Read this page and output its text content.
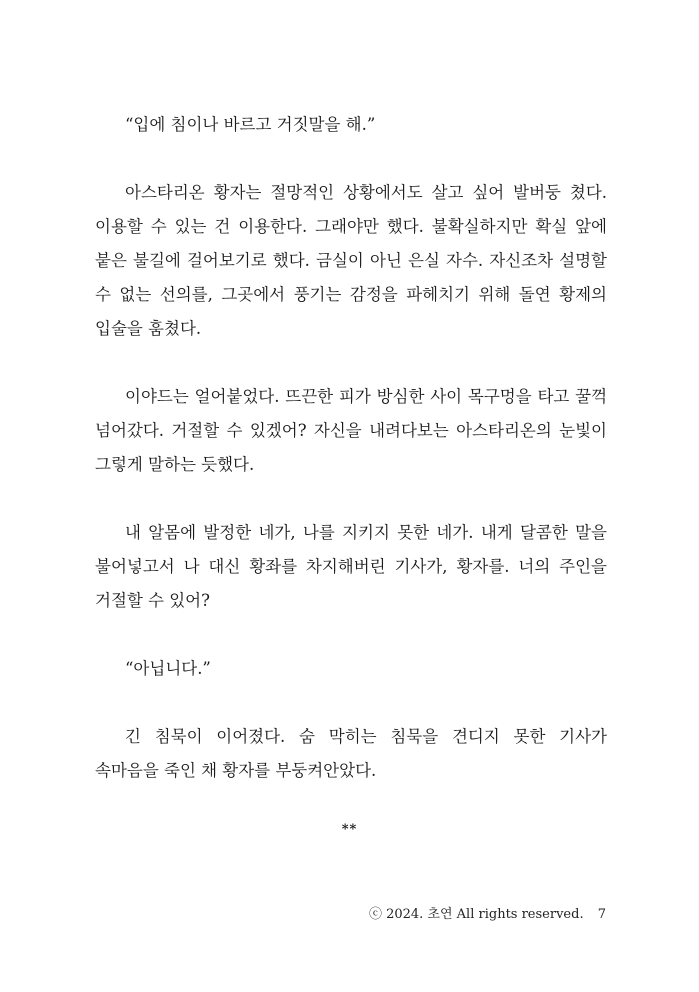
“입에 침이나 바르고 거짓말을 해.”

아스타리온 황자는 절망적인 상황에서도 살고 싶어 발버둥 쳤다. 이용할 수 있는 건 이용한다. 그래야만 했다. 불확실하지만 확실 앞에 붙은 불길에 걸어보기로 했다. 금실이 아닌 은실 자수. 자신조차 설명할 수 없는 선의를, 그곳에서 풍기는 감정을 파헤치기 위해 돌연 황제의 입술을 훔쳤다.

이야드는 얼어붙었다. 뜨끈한 피가 방심한 사이 목구멍을 타고 꿀꺽 넘어갔다. 거절할 수 있겠어? 자신을 내려다보는 아스타리온의 눈빛이 그렇게 말하는 듯했다.

내 알몸에 발정한 네가, 나를 지키지 못한 네가. 내게 달콤한 말을 불어넣고서 나 대신 황좌를 차지해버린 기사가, 황자를. 너의 주인을 거절할 수 있어?

“아닙니다.”

긴 침묵이 이어졌다. 숨 막히는 침묵을 견디지 못한 기사가 속마음을 죽인 채 황자를 부둥켜안았다.

**
ⓒ 2024. 초연 All rights reserved. 7
